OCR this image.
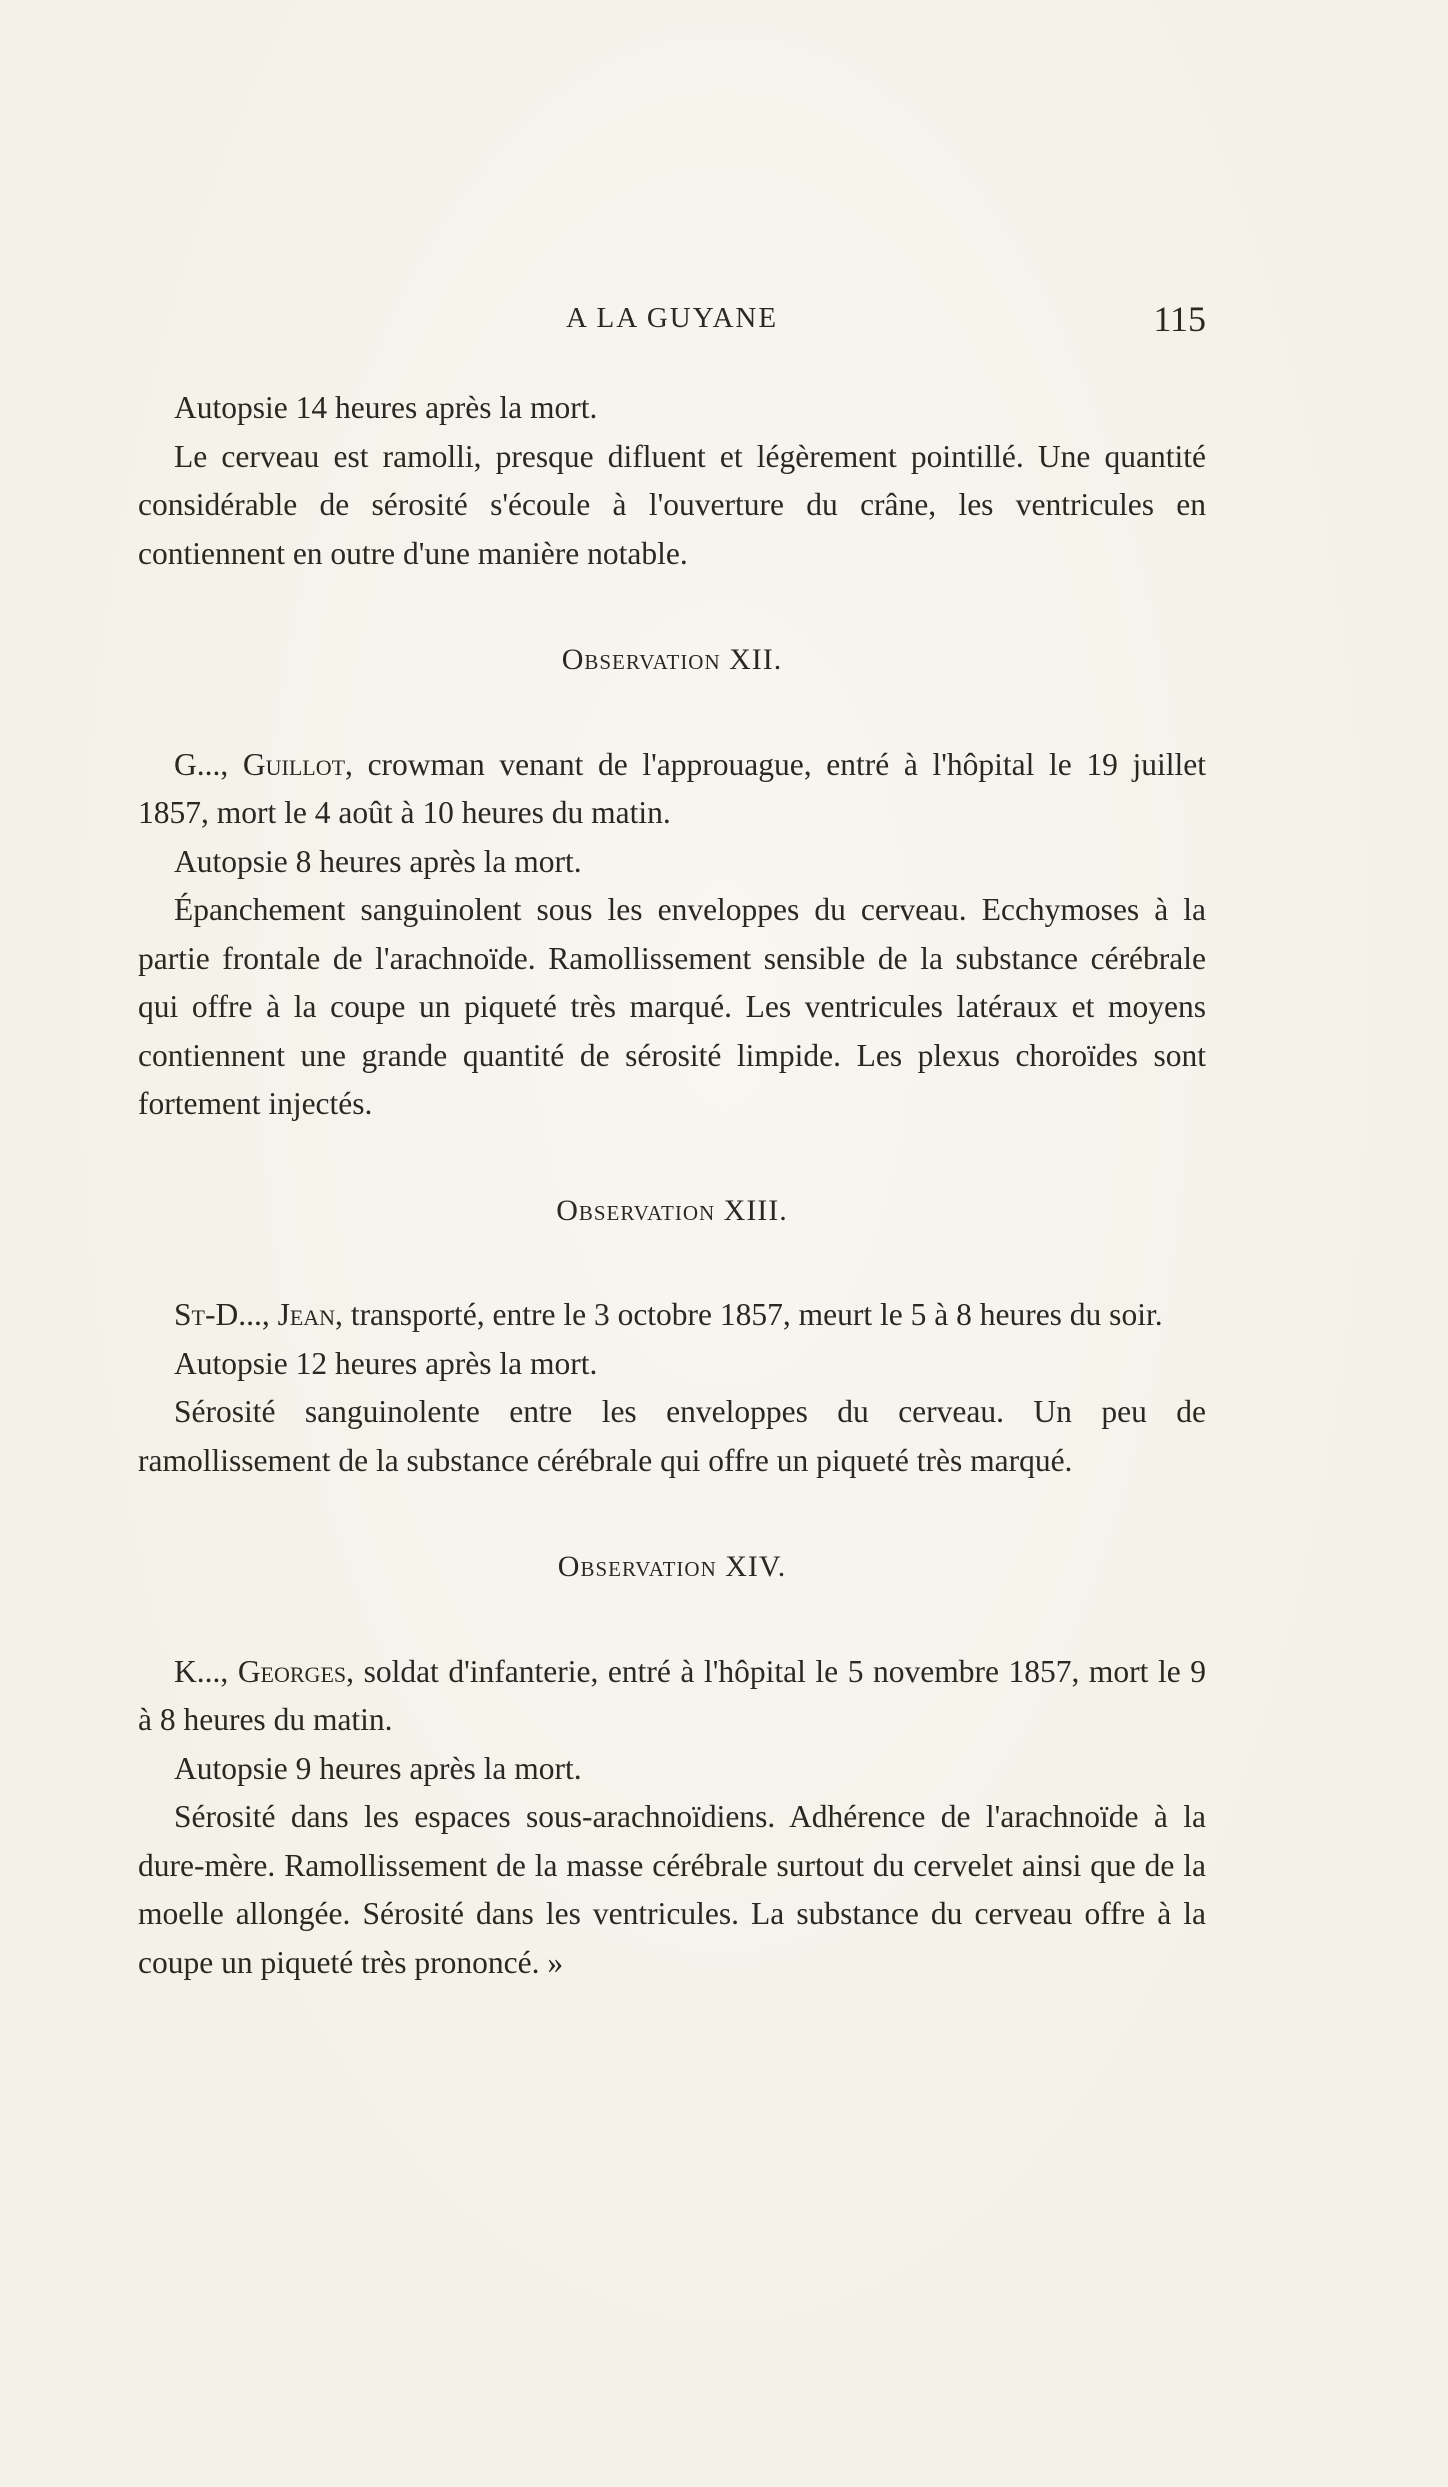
A LA GUYANE	115

Autopsie 14 heures après la mort.

Le cerveau est ramolli, presque difluent et légèrement pointillé. Une quantité considérable de sérosité s'écoule à l'ouverture du crâne, les ventricules en contiennent en outre d'une manière notable.

Observation XII.

G..., Guillot, crowman venant de l'approuague, entré à l'hôpital le 19 juillet 1857, mort le 4 août à 10 heures du matin.

Autopsie 8 heures après la mort.

Épanchement sanguinolent sous les enveloppes du cerveau. Ecchymoses à la partie frontale de l'arachnoïde. Ramollissement sensible de la substance cérébrale qui offre à la coupe un piqueté très marqué. Les ventricules latéraux et moyens contiennent une grande quantité de sérosité limpide. Les plexus choroïdes sont fortement injectés.

Observation XIII.

St-D..., Jean, transporté, entre le 3 octobre 1857, meurt le 5 à 8 heures du soir.

Autopsie 12 heures après la mort.

Sérosité sanguinolente entre les enveloppes du cerveau. Un peu de ramollissement de la substance cérébrale qui offre un piqueté très marqué.

Observation XIV.

K..., Georges, soldat d'infanterie, entré à l'hôpital le 5 novembre 1857, mort le 9 à 8 heures du matin.

Autopsie 9 heures après la mort.

Sérosité dans les espaces sous-arachnoïdiens. Adhérence de l'arachnoïde à la dure-mère. Ramollissement de la masse cérébrale surtout du cervelet ainsi que de la moelle allongée. Sérosité dans les ventricules. La substance du cerveau offre à la coupe un piqueté très prononcé. »
